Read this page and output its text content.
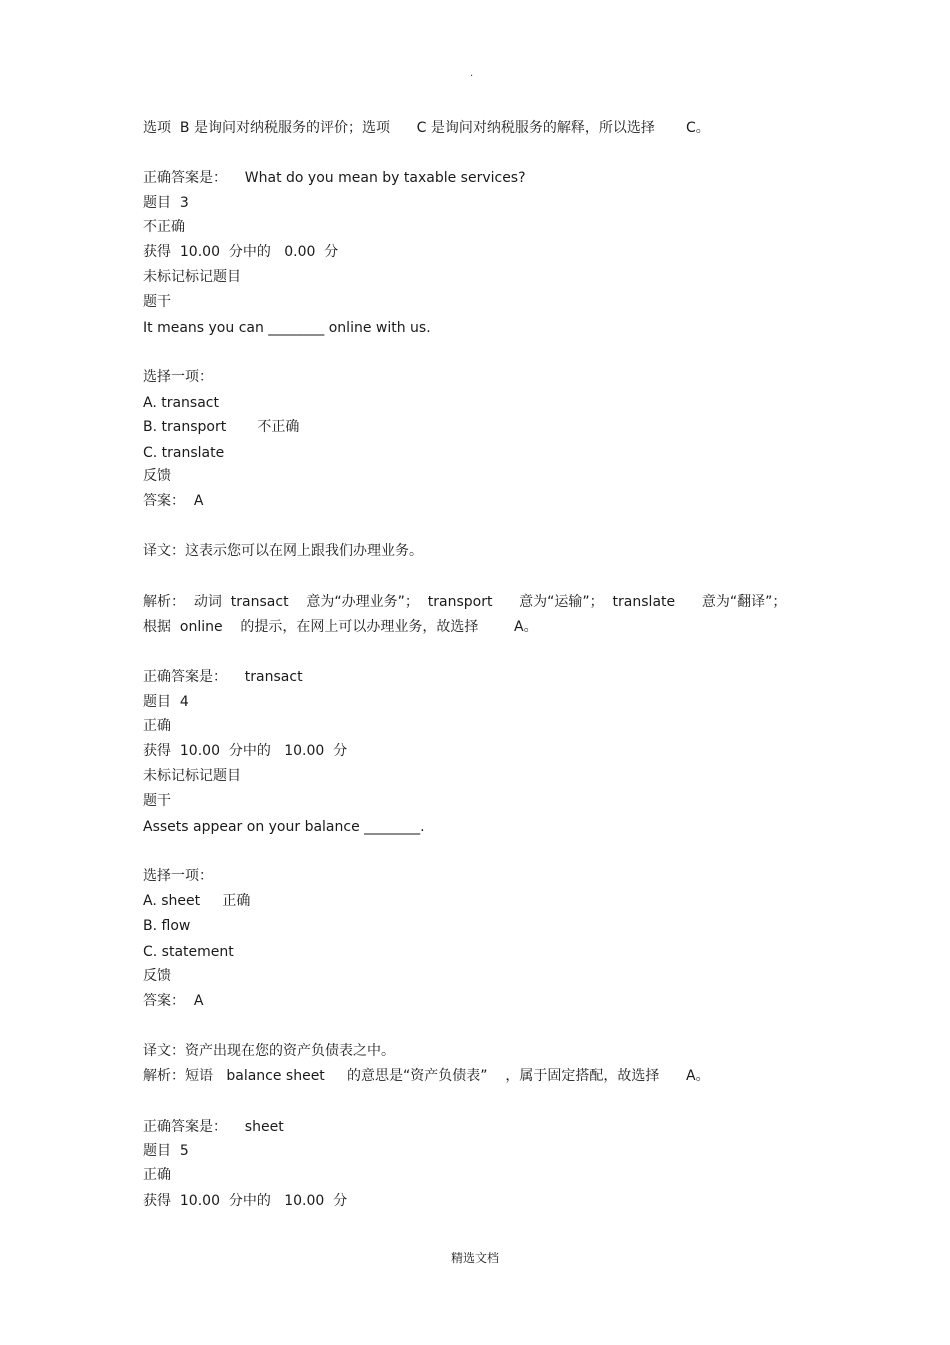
.
选项  B 是询问对纳税服务的评价；选项      C 是询问对纳税服务的解释，所以选择       C。
正确答案是：    What do you mean by taxable services?
题目  3
不正确
获得  10.00  分中的   0.00  分
未标记标记题目
题干
It means you can ________ online with us.
选择一项：
A. transact
B. transport       不正确
C. translate
反馈
答案：  A
译文：这表示您可以在网上跟我们办理业务。
解析：  动词  transact    意为“办理业务”；  transport      意为“运输”；  translate      意为“翻译”；
根据  online    的提示，在网上可以办理业务，故选择        A。
正确答案是：    transact
题目  4
正确
获得  10.00  分中的   10.00  分
未标记标记题目
题干
Assets appear on your balance ________.
选择一项：
A. sheet     正确
B. flow
C. statement
反馈
答案：  A
译文：资产出现在您的资产负债表之中。
解析：短语   balance sheet     的意思是“资产负债表”    ，属于固定搭配，故选择      A。
正确答案是：    sheet
题目  5
正确
获得  10.00  分中的   10.00  分
精选文档
